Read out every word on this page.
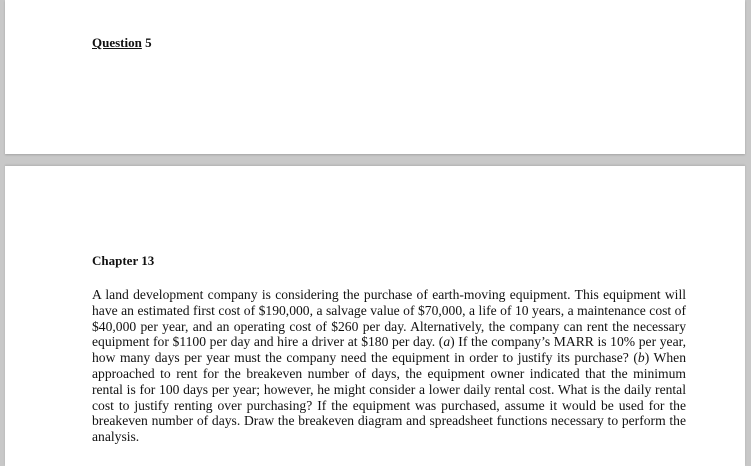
Question 5

Chapter 13

A land development company is considering the purchase of earth-moving equipment. This equipment will have an estimated first cost of $190,000, a salvage value of $70,000, a life of 10 years, a maintenance cost of $40,000 per year, and an operating cost of $260 per day. Alternatively, the company can rent the necessary equipment for $1100 per day and hire a driver at $180 per day. (a) If the company’s MARR is 10% per year, how many days per year must the company need the equipment in order to justify its purchase? (b) When approached to rent for the breakeven number of days, the equipment owner indicated that the minimum rental is for 100 days per year; however, he might consider a lower daily rental cost. What is the daily rental cost to justify renting over purchasing? If the equipment was purchased, assume it would be used for the breakeven number of days. Draw the breakeven diagram and spreadsheet functions necessary to perform the analysis.
